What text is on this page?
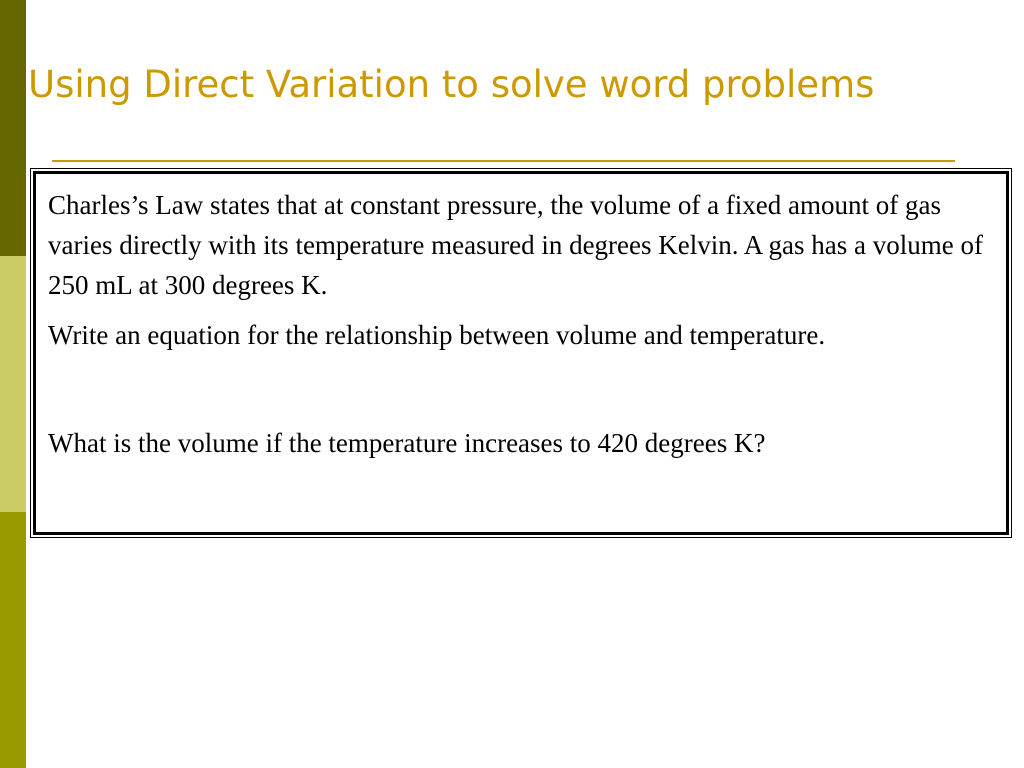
Using Direct Variation to solve word problems

Charles’s Law states that at constant pressure, the volume of a fixed amount of gas varies directly with its temperature measured in degrees Kelvin. A gas has a volume of 250 mL at 300 degrees K.

Write an equation for the relationship between volume and temperature.

What is the volume if the temperature increases to 420 degrees K?
